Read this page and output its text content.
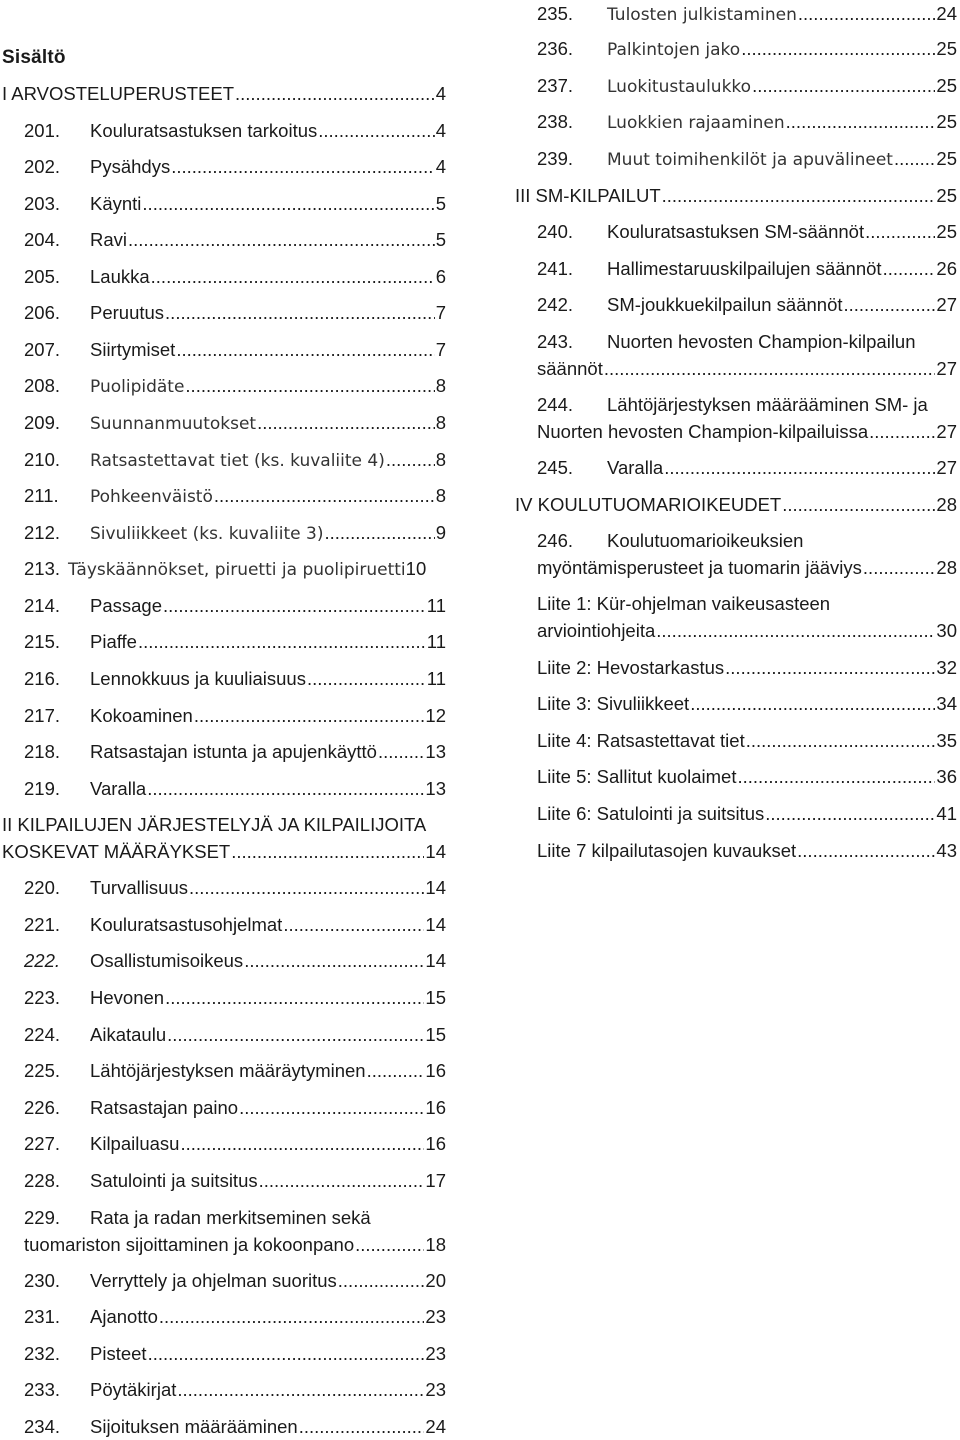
Sisältö
I ARVOSTELUPERUSTEET .....	4
201.	Kouluratsastuksen tarkoitus .....	4
202.	Pysähdys .....	4
203.	Käynti .....	5
204.	Ravi .....	5
205.	Laukka .....	6
206.	Peruutus .....	7
207.	Siirtymiset .....	7
208.	Puolipidäte .....	8
209.	Suunnanmuutokset .....	8
210.	Ratsastettavat tiet (ks. kuvaliite 4) .....	8
211.	Pohkeenväistö .....	8
212.	Sivuliikkeet (ks. kuvaliite 3) .....	9
213. Täyskäännökset, piruetti ja puolipiruetti 10
214.	Passage .....	11
215.	Piaffe .....	11
216.	Lennokkuus ja kuuliaisuus .....	11
217.	Kokoaminen .....	12
218.	Ratsastajan istunta ja apujenkäyttö .....	13
219.	Varalla .....	13
II KILPAILUJEN JÄRJESTELYJÄ JA KILPAILIJOITA
KOSKEVAT MÄÄRÄYKSET .....	14
220.	Turvallisuus .....	14
221.	Kouluratsastusohjelmat .....	14
222.	Osallistumisoikeus .....	14
223.	Hevonen .....	15
224.	Aikataulu .....	15
225.	Lähtöjärjestyksen määräytyminen .....	16
226.	Ratsastajan paino .....	16
227.	Kilpailuasu .....	16
228.	Satulointi ja suitsitus .....	17
229.	Rata ja radan merkitseminen sekä
tuomariston sijoittaminen ja kokoonpano .....	18
230.	Verryttely ja ohjelman suoritus .....	20
231.	Ajanotto .....	23
232.	Pisteet .....	23
233.	Pöytäkirjat .....	23
234.	Sijoituksen määrääminen .....	24
235.	Tulosten julkistaminen .....	24
236.	Palkintojen jako .....	25
237.	Luokitustaulukko .....	25
238.	Luokkien rajaaminen .....	25
239.	Muut toimihenkilöt ja apuvälineet ..... 25
III SM-KILPAILUT .....	25
240.	Kouluratsastuksen SM-säännöt .....	25
241.	Hallimestaruuskilpailujen säännöt .....	26
242.	SM-joukkuekilpailun säännöt .....	27
243.	Nuorten hevosten Champion-kilpailun
säännöt .....	27
244.	Lähtöjärjestyksen määrääminen SM- ja
Nuorten hevosten Champion-kilpailuissa .....	27
245.	Varalla .....	27
IV KOULUTUOMARIOIKEUDET .....	28
246.	Koulutuomarioikeuksien
myöntämisperusteet ja tuomarin jääviys .....	28
Liite 1: Kür-ohjelman vaikeusasteen
arviointiohjeita .....	30
Liite 2: Hevostarkastus .....	32
Liite 3: Sivuliikkeet .....	34
Liite 4: Ratsastettavat tiet .....	35
Liite 5: Sallitut kuolaimet .....	36
Liite 6: Satulointi ja suitsitus .....	41
Liite 7 kilpailutasojen kuvaukset .....	43
